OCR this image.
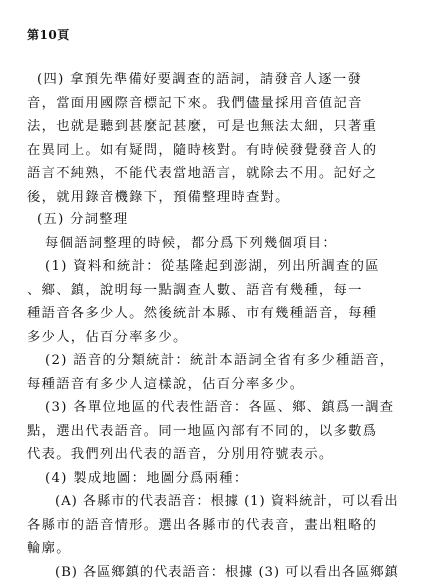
第10頁
(四) 拿預先準備好要調查的語詞，請發音人逐一發
音，當面用國際音標記下來。我們儘量採用音值記音
法，也就是聽到甚麼記甚麼，可是也無法太細，只著重
在異同上。如有疑問，隨時核對。有時候發覺發音人的
語言不純熟，不能代表當地語言，就除去不用。記好之
後，就用錄音機錄下，預備整理時查對。
(五) 分詞整理
每個語詞整理的時候，都分爲下列幾個項目：
(1) 資料和統計：從基隆起到澎湖，列出所調查的區
、鄉、鎮，說明每一點調查人數、語音有幾種，每一
種語音各多少人。然後統計本縣、市有幾種語音，每種
多少人，佔百分率多少。
(2) 語音的分類統計：統計本語詞全省有多少種語音，
每種語音有多少人這樣說，佔百分率多少。
(3) 各單位地區的代表性語音：各區、鄉、鎮爲一調查
點，選出代表語音。同一地區內部有不同的，以多數爲
代表。我們列出代表的語音，分別用符號表示。
(4) 製成地圖：地圖分爲兩種：
(A) 各縣市的代表語音：根據 (1) 資料統計，可以看出
各縣市的語音情形。選出各縣市的代表音，畫出粗略的
輪廓。
(B) 各區鄉鎮的代表語音：根據 (3) 可以看出各區鄉鎮
